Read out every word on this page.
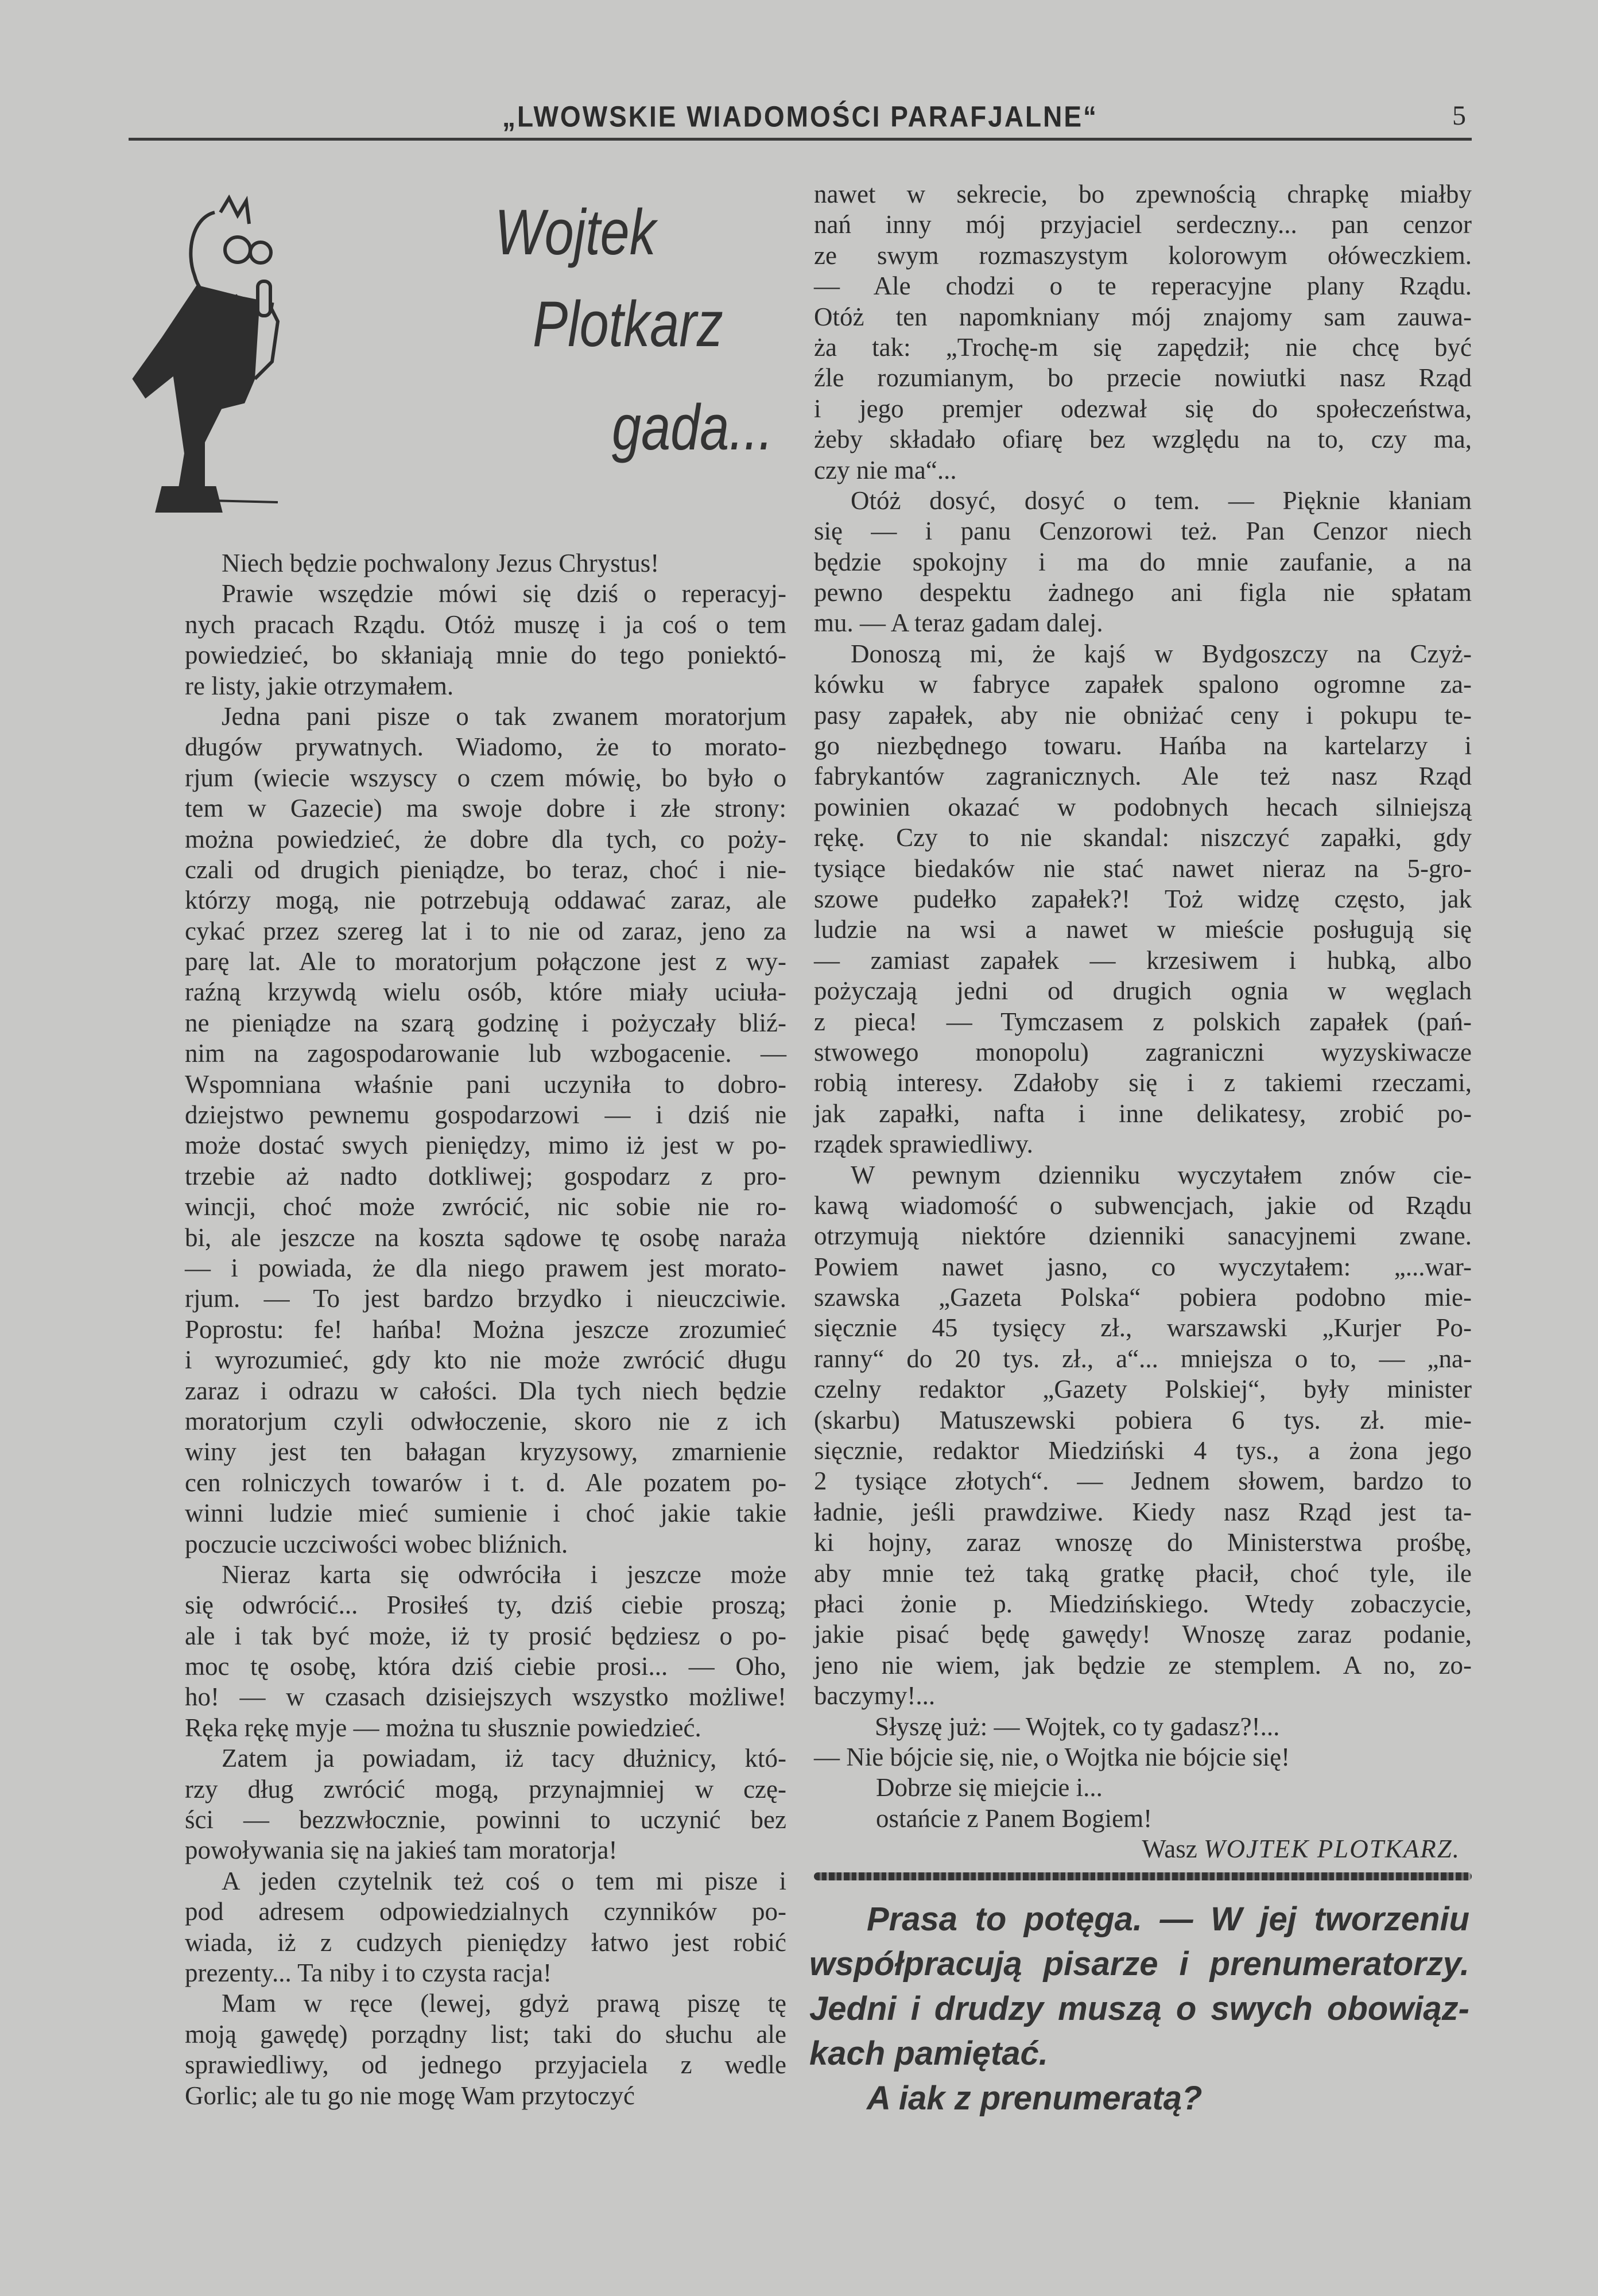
„LWOWSKIE WIADOMOŚCI PARAFJALNE“	5
Wojtek
Plotkarz
gada...
Niech będzie pochwalony Jezus Chrystus!
Prawie wszędzie mówi się dziś o reperacyj-
nych pracach Rządu. Otóż muszę i ja coś o tem
powiedzieć, bo skłaniają mnie do tego poniektó-
re listy, jakie otrzymałem.
Jedna pani pisze o tak zwanem moratorjum
długów prywatnych. Wiadomo, że to morato-
rjum (wiecie wszyscy o czem mówię, bo było o
tem w Gazecie) ma swoje dobre i złe strony:
można powiedzieć, że dobre dla tych, co poży-
czali od drugich pieniądze, bo teraz, choć i nie-
którzy mogą, nie potrzebują oddawać zaraz, ale
cykać przez szereg lat i to nie od zaraz, jeno za
parę lat. Ale to moratorjum połączone jest z wy-
raźną krzywdą wielu osób, które miały uciuła-
ne pieniądze na szarą godzinę i pożyczały bliź-
nim na zagospodarowanie lub wzbogacenie. —
Wspomniana właśnie pani uczyniła to dobro-
dziejstwo pewnemu gospodarzowi — i dziś nie
może dostać swych pieniędzy, mimo iż jest w po-
trzebie aż nadto dotkliwej; gospodarz z pro-
wincji, choć może zwrócić, nic sobie nie ro-
bi, ale jeszcze na koszta sądowe tę osobę naraża
— i powiada, że dla niego prawem jest morato-
rjum. — To jest bardzo brzydko i nieuczciwie.
Poprostu: fe! hańba! Można jeszcze zrozumieć
i wyrozumieć, gdy kto nie może zwrócić długu
zaraz i odrazu w całości. Dla tych niech będzie
moratorjum czyli odwłoczenie, skoro nie z ich
winy jest ten bałagan kryzysowy, zmarnienie
cen rolniczych towarów i t. d. Ale pozatem po-
winni ludzie mieć sumienie i choć jakie takie
poczucie uczciwości wobec bliźnich.
Nieraz karta się odwróciła i jeszcze może
się odwrócić... Prosiłeś ty, dziś ciebie proszą;
ale i tak być może, iż ty prosić będziesz o po-
moc tę osobę, która dziś ciebie prosi... — Oho,
ho! — w czasach dzisiejszych wszystko możliwe!
Ręka rękę myje — można tu słusznie powiedzieć.
Zatem ja powiadam, iż tacy dłużnicy, któ-
rzy dług zwrócić mogą, przynajmniej w czę-
ści — bezzwłocznie, powinni to uczynić bez
powoływania się na jakieś tam moratorja!
A jeden czytelnik też coś o tem mi pisze i
pod adresem odpowiedzialnych czynników po-
wiada, iż z cudzych pieniędzy łatwo jest robić
prezenty... Ta niby i to czysta racja!
Mam w ręce (lewej, gdyż prawą piszę tę
moją gawędę) porządny list; taki do słuchu ale
sprawiedliwy, od jednego przyjaciela z wedle
Gorlic; ale tu go nie mogę Wam przytoczyć
nawet w sekrecie, bo zpewnością chrapkę miałby
nań inny mój przyjaciel serdeczny... pan cenzor
ze swym rozmaszystym kolorowym ołóweczkiem.
— Ale chodzi o te reperacyjne plany Rządu.
Otóż ten napomkniany mój znajomy sam zauwa-
ża tak: „Trochę-m się zapędził; nie chcę być
źle rozumianym, bo przecie nowiutki nasz Rząd
i jego premjer odezwał się do społeczeństwa,
żeby składało ofiarę bez względu na to, czy ma,
czy nie ma“...
Otóż dosyć, dosyć o tem. — Pięknie kłaniam
się — i panu Cenzorowi też. Pan Cenzor niech
będzie spokojny i ma do mnie zaufanie, a na
pewno despektu żadnego ani figla nie spłatam
mu. — A teraz gadam dalej.
Donoszą mi, że kajś w Bydgoszczy na Czyż-
kówku w fabryce zapałek spalono ogromne za-
pasy zapałek, aby nie obniżać ceny i pokupu te-
go niezbędnego towaru. Hańba na kartelarzy i
fabrykantów zagranicznych. Ale też nasz Rząd
powinien okazać w podobnych hecach silniejszą
rękę. Czy to nie skandal: niszczyć zapałki, gdy
tysiące biedaków nie stać nawet nieraz na 5-gro-
szowe pudełko zapałek?! Toż widzę często, jak
ludzie na wsi a nawet w mieście posługują się
— zamiast zapałek — krzesiwem i hubką, albo
pożyczają jedni od drugich ognia w węglach
z pieca! — Tymczasem z polskich zapałek (pań-
stwowego monopolu) zagraniczni wyzyskiwacze
robią interesy. Zdałoby się i z takiemi rzeczami,
jak zapałki, nafta i inne delikatesy, zrobić po-
rządek sprawiedliwy.
W pewnym dzienniku wyczytałem znów cie-
kawą wiadomość o subwencjach, jakie od Rządu
otrzymują niektóre dzienniki sanacyjnemi zwane.
Powiem nawet jasno, co wyczytałem: „...war-
szawska „Gazeta Polska“ pobiera podobno mie-
sięcznie 45 tysięcy zł., warszawski „Kurjer Po-
ranny“ do 20 tys. zł., a“... mniejsza o to, — „na-
czelny redaktor „Gazety Polskiej“, były minister
(skarbu) Matuszewski pobiera 6 tys. zł. mie-
sięcznie, redaktor Miedziński 4 tys., a żona jego
2 tysiące złotych“. — Jednem słowem, bardzo to
ładnie, jeśli prawdziwe. Kiedy nasz Rząd jest ta-
ki hojny, zaraz wnoszę do Ministerstwa prośbę,
aby mnie też taką gratkę płacił, choć tyle, ile
płaci żonie p. Miedzińskiego. Wtedy zobaczycie,
jakie pisać będę gawędy! Wnoszę zaraz podanie,
jeno nie wiem, jak będzie ze stemplem. A no, zo-
baczymy!...
Słyszę już: — Wojtek, co ty gadasz?!...
— Nie bójcie się, nie, o Wojtka nie bójcie się!
Dobrze się miejcie i...
ostańcie z Panem Bogiem!
Wasz WOJTEK PLOTKARZ.
Prasa to potęga. — W jej tworzeniu
współpracują pisarze i prenumeratorzy.
Jedni i drudzy muszą o swych obowiąz-
kach pamiętać.
A iak z prenumeratą?
